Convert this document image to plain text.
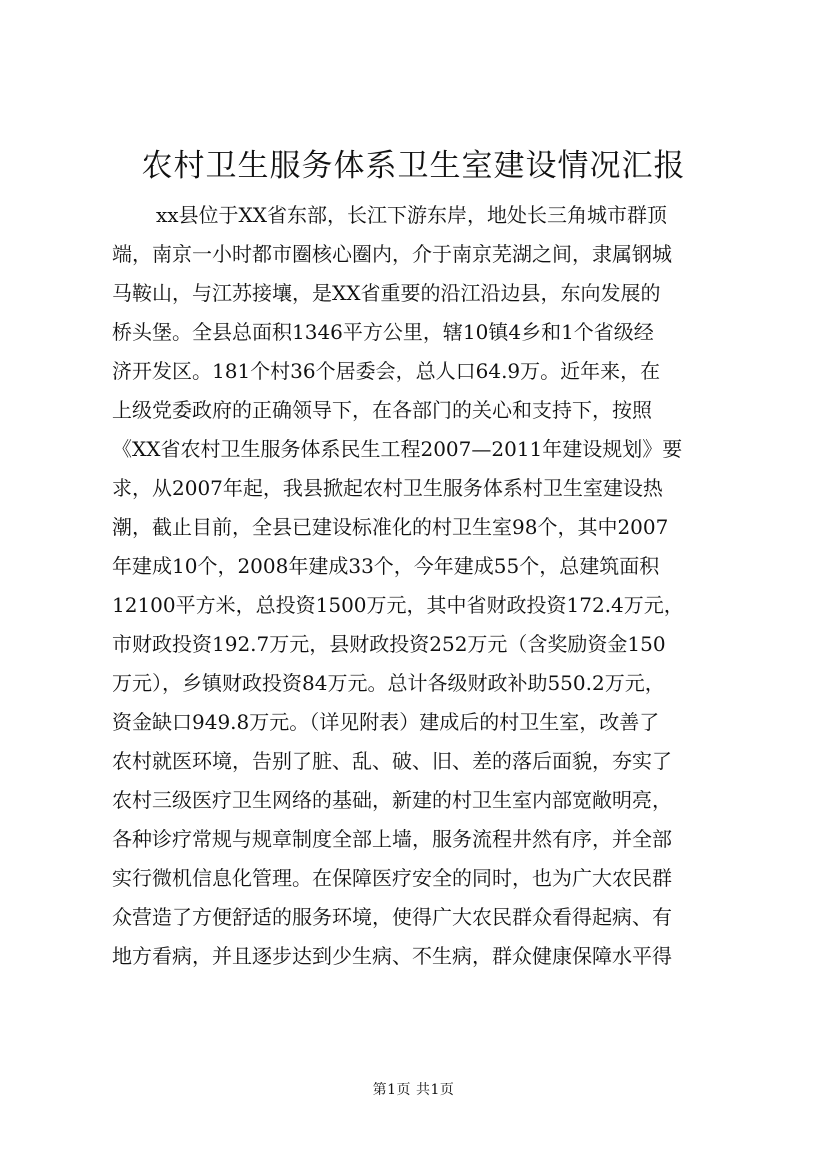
农村卫生服务体系卫生室建设情况汇报
xx县位于XX省东部，长江下游东岸，地处长三角城市群顶
端，南京一小时都市圈核心圈内，介于南京芜湖之间，隶属钢城
马鞍山，与江苏接壤，是XX省重要的沿江沿边县，东向发展的
桥头堡。全县总面积1346平方公里，辖10镇4乡和1个省级经
济开发区。181个村36个居委会，总人口64.9万。近年来，在
上级党委政府的正确领导下，在各部门的关心和支持下，按照
《XX省农村卫生服务体系民生工程2007—2011年建设规划》要
求，从2007年起，我县掀起农村卫生服务体系村卫生室建设热
潮，截止目前，全县已建设标准化的村卫生室98个，其中2007
年建成10个，2008年建成33个，今年建成55个，总建筑面积
12100平方米，总投资1500万元，其中省财政投资172.4万元，
市财政投资192.7万元，县财政投资252万元（含奖励资金150
万元），乡镇财政投资84万元。总计各级财政补助550.2万元，
资金缺口949.8万元。（详见附表）建成后的村卫生室，改善了
农村就医环境，告别了脏、乱、破、旧、差的落后面貌，夯实了
农村三级医疗卫生网络的基础，新建的村卫生室内部宽敞明亮，
各种诊疗常规与规章制度全部上墙，服务流程井然有序，并全部
实行微机信息化管理。在保障医疗安全的同时，也为广大农民群
众营造了方便舒适的服务环境，使得广大农民群众看得起病、有
地方看病，并且逐步达到少生病、不生病，群众健康保障水平得
第1页 共1页
